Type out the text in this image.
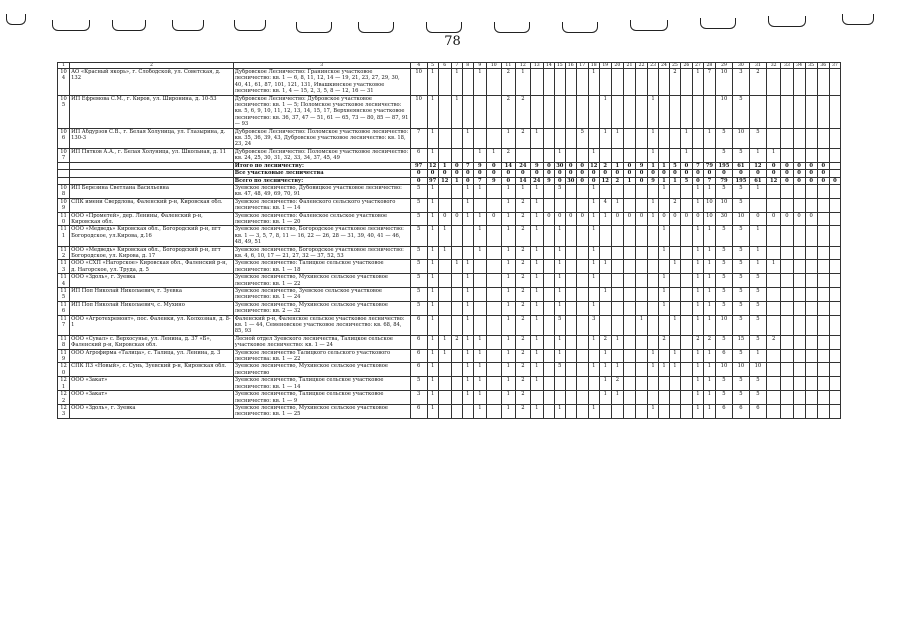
78
1	2	3	4	5	6	7	8	9	10	11	12	13	14	15	16	17	18	19	20	21	22	23	24	25	26	27	28	29	30	31	32	33	34	35	36	37
104	АО «Красный якорь», г. Слободской, ул. Советская, д. 132	Дубровское Лесничество: Гранинское участковое лесничество: кв. 1 — 6, 8, 11, 12, 14 — 19, 21, 23, 27, 29, 30, 40, 41, 61, 87, 101, 121, 131, Ивашкинское участковое лесничество: кв. 1, 4 — 15, 2, 3, 5, 8 — 12, 16 — 31	10	1		1		1		2	1						1							2		1	7	10	3	2						
105	ИП Ефремова С.М., г. Киров, ул. Широнина, д. 10-53	Дубровское Лесничество: Дубровское участковое лесничество: кв. 1 — 5; Поломское участковое лесничество: кв. 5, 6, 9, 10, 11, 12, 13, 14, 15, 17, Верхнеянское участковое лесничество: кв. 36, 37, 47 — 51, 61 — 65, 73 — 80, 85 — 87, 91 — 93	10	1		1				2	2							1				1						10	5							
106	ИП Абдурзов С.В., г. Белая Холуница, ул. Глазырина, д. 130-3	Дубровское Лесничество: Поломское участковое лесничество: кв. 35, 36, 39, 43, Дубровское участковое лесничество: кв. 18, 23, 24	7	1			1			1	2	1				5		1	1			1			1		1	5	10	5						
107	ИП Пятков А.А., г. Белая Холуница, ул. Школьная, д. 11	Дубровское Лесничество: Поломское участковое лесничество: кв. 24, 25, 30, 31, 32, 33, 34, 37, 45, 49	6	1				1	1	2				1			1					1			1			5	5	1	1					
		Итого по лесничеству:	97	12	1	0	7	9	0	14	24	9	0	30	0	0	12	2	1	0	9	1	1	5	0	7	79	195	61	12	0	0	0	0	0	
		Все участковые лесничества	0	0	0	0	0	0	0	0	0	0	0	0	0	0	0	0	0	0	0	0	0	0	0	0	0	0	0	0	0	0	0	0	0	
		Всего по лесничеству:	0	97	12	1	0	7	9	0	14	24	9	0	30	0	0	12	2	1	0	9	1	1	5	0	7	79	195	61	12	0	0	0	0	0
108	ИП Березина Светлана Васильевна	Зуевское лесничество, Дубовицкое участковое лесничество: кв. 47, 48, 49, 69, 70, 91	5	1			1	1		1	1	1		5			1						1			1	1	5	5	1						
109	СПК имени Свердлова, Фаленский р-н, Кировская обл.	Зуевское лесничество: Фаленского сельского участкового лесничества: кв. 1 — 14	5	1			1			1	2	1					1	4	1			1		2		1	10	10	5							
110	ООО «Прометей», дер. Ленины, Фаленский р-н, Кировская обл.	Зуевское лесничество: Фаленское сельское участковое лесничество: кв. 1 — 20	5	1	0	0	1	1	0	1	2	1	0	0	0	0	1	1	0	0	0	1	0	0	0	0	10	30	10	0	0	0	0	0		
111	ООО «Медведь» Кировская обл., Богородский р-н, пгт Богородское, ул.Кирова, д.16	Зуевское лесничество, Богородское участковое лесничество: кв. 1 — 3, 5, 7, 8, 11 — 16, 22 — 26, 28 — 31, 39, 40, 41 — 46, 48, 49, 51	5	1	1			1		1	2	1		1			1						1			1	1	5	5	1						
112	ООО «Медведь» Кировская обл., Богородский р-н, пгт Богородское, ул. Кирова, д. 17	Зуевское лесничество, Богородское участковое лесничество: кв. 4, 6, 10, 17 — 21, 27, 32 — 37, 52, 53	5	1	1			1		1	2	1		1			1						1			1	1	5	5	1						
113	ООО «СХП «Нагорское» Кировская обл., Фаленский р-н, д. Нагорское, ул. Труда, д. 5	Зуевское лесничество: Талицкое сельское участковое лесничество: кв. 1 — 18	5	1		1	1			1	2	1		1			1	1						1		1	1	5	5	1	1					
114	ООО «Здоль», г. Зуевка	Зуевское лесничество, Мухинское сельское участковое лесничество: кв. 1 — 22	5	1			1			1	2	1		1			1						1			1	1	5	5	5						
115	ИП Поп Николай Николаевич, г. Зуевка	Зуевское лесничество, Зуевское сельское участковое лесничество: кв. 1 — 24	5	1			1			1	2	1		1				1					1			1	1	5	5	5						
116	ИП Поп Николай Николаевич, с. Мухино	Зуевское лесничество, Мухинское сельское участковое лесничество: кв. 2 — 32	5	1			1			1	2	1		1			1						1			1	1	5	5	5						
117	ООО «Агротехремонт», пос. Фаленки, ул. Колхозная, д. 8-1	Фаленский р-н, Фаленское сельское участковое лесничество: кв. 1 — 44, Семеновское участковое лесничество: кв. 68, 84, 85, 93	6	1			1			1	2	1		5			3				1			1		1	1	10	5	5						
118	ООО «Сувал» с. Верхосунье, ул. Ленина, д. 37 «Б», Фаленский р-н, Кировская обл.	Лесной отдел Зуевского лесничества, Талицкое сельское участковое лесничество: кв. 1 — 24	6	1	1	2	1	1		1	2	1		1			1	2	1				2			2	2	5	15	5	2					
119	ООО Агрофирма «Талица», с. Талица, ул. Ленина, д. 3	Зуевское лесничество Талицкого сельского участкового лесничества: кв. 1 — 22	6	1	1		1	1		1	2	1		1				1				1		1		1	1	6	5	1						
120	СПК П3 «Новый», с. Сунь, Зуевский р-н, Кировская обл.	Зуевское лесничество, Мухинское сельское участковое лесничество	6	1			1	1		1	2	1		5			1	1	1			1	1	1		1	1	10	10	10						
121	ООО «Закат»	Зуевское лесничество, Талицкое сельское участковое лесничество: кв. 1 — 14	5	1			1	1		1	2	1						1	2							1	1	5	5	5						
122	ООО «Закат»	Зуевское лесничество, Талицкое сельское участковое лесничество: кв. 1 — 9	3	1			1	1		1	2							1	1							1	1	5	5	5						
123	ООО «Здоль», г. Зуевка	Зуевское лесничество, Мухинское сельское участковое лесничество: кв. 1 — 25	6	1				1		1	2	1		1			1					1				1	1	6	6	6						
